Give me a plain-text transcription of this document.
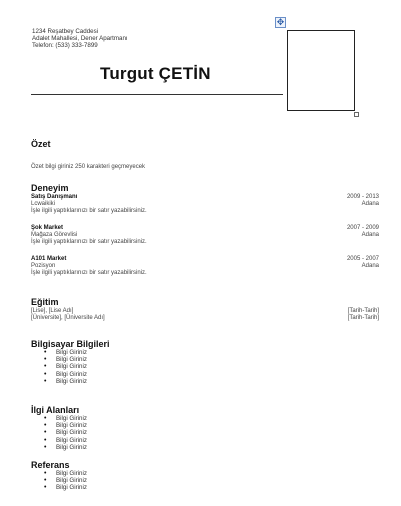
1234 Reşatbey Caddesi
Adalet Mahallesi, Dener Apartmanı
Telefon: (533) 333-7899
Turgut ÇETİN
✥
Özet
Özet bilgi giriniz 250 karakteri geçmeyecek
Deneyim
Satış Danışmanı	2009 - 2013
Lcwaikiki	Adana
İşle ilgili yaptıklarınızı bir satır yazabilirsiniz.
Şok Market	2007 - 2009
Mağaza Görevlisi	Adana
İşle ilgili yaptıklarınızı bir satır yazabilirsiniz.
A101 Market	2005 - 2007
Pozisyon	Adana
İşle ilgili yaptıklarınızı bir satır yazabilirsiniz.
Eğitim
[Lise], [Lise Adı]	[Tarih-Tarih]
[Üniversite], [Üniversite Adı]	[Tarih-Tarih]
Bilgisayar Bilgileri
• Bilgi Giriniz
• Bilgi Giriniz
• Bilgi Giriniz
• Bilgi Giriniz
• Bilgi Giriniz
İlgi Alanları
• Bilgi Giriniz
• Bilgi Giriniz
• Bilgi Giriniz
• Bilgi Giriniz
• Bilgi Giriniz
Referans
• Bilgi Giriniz
• Bilgi Giriniz
• Bilgi Giriniz
